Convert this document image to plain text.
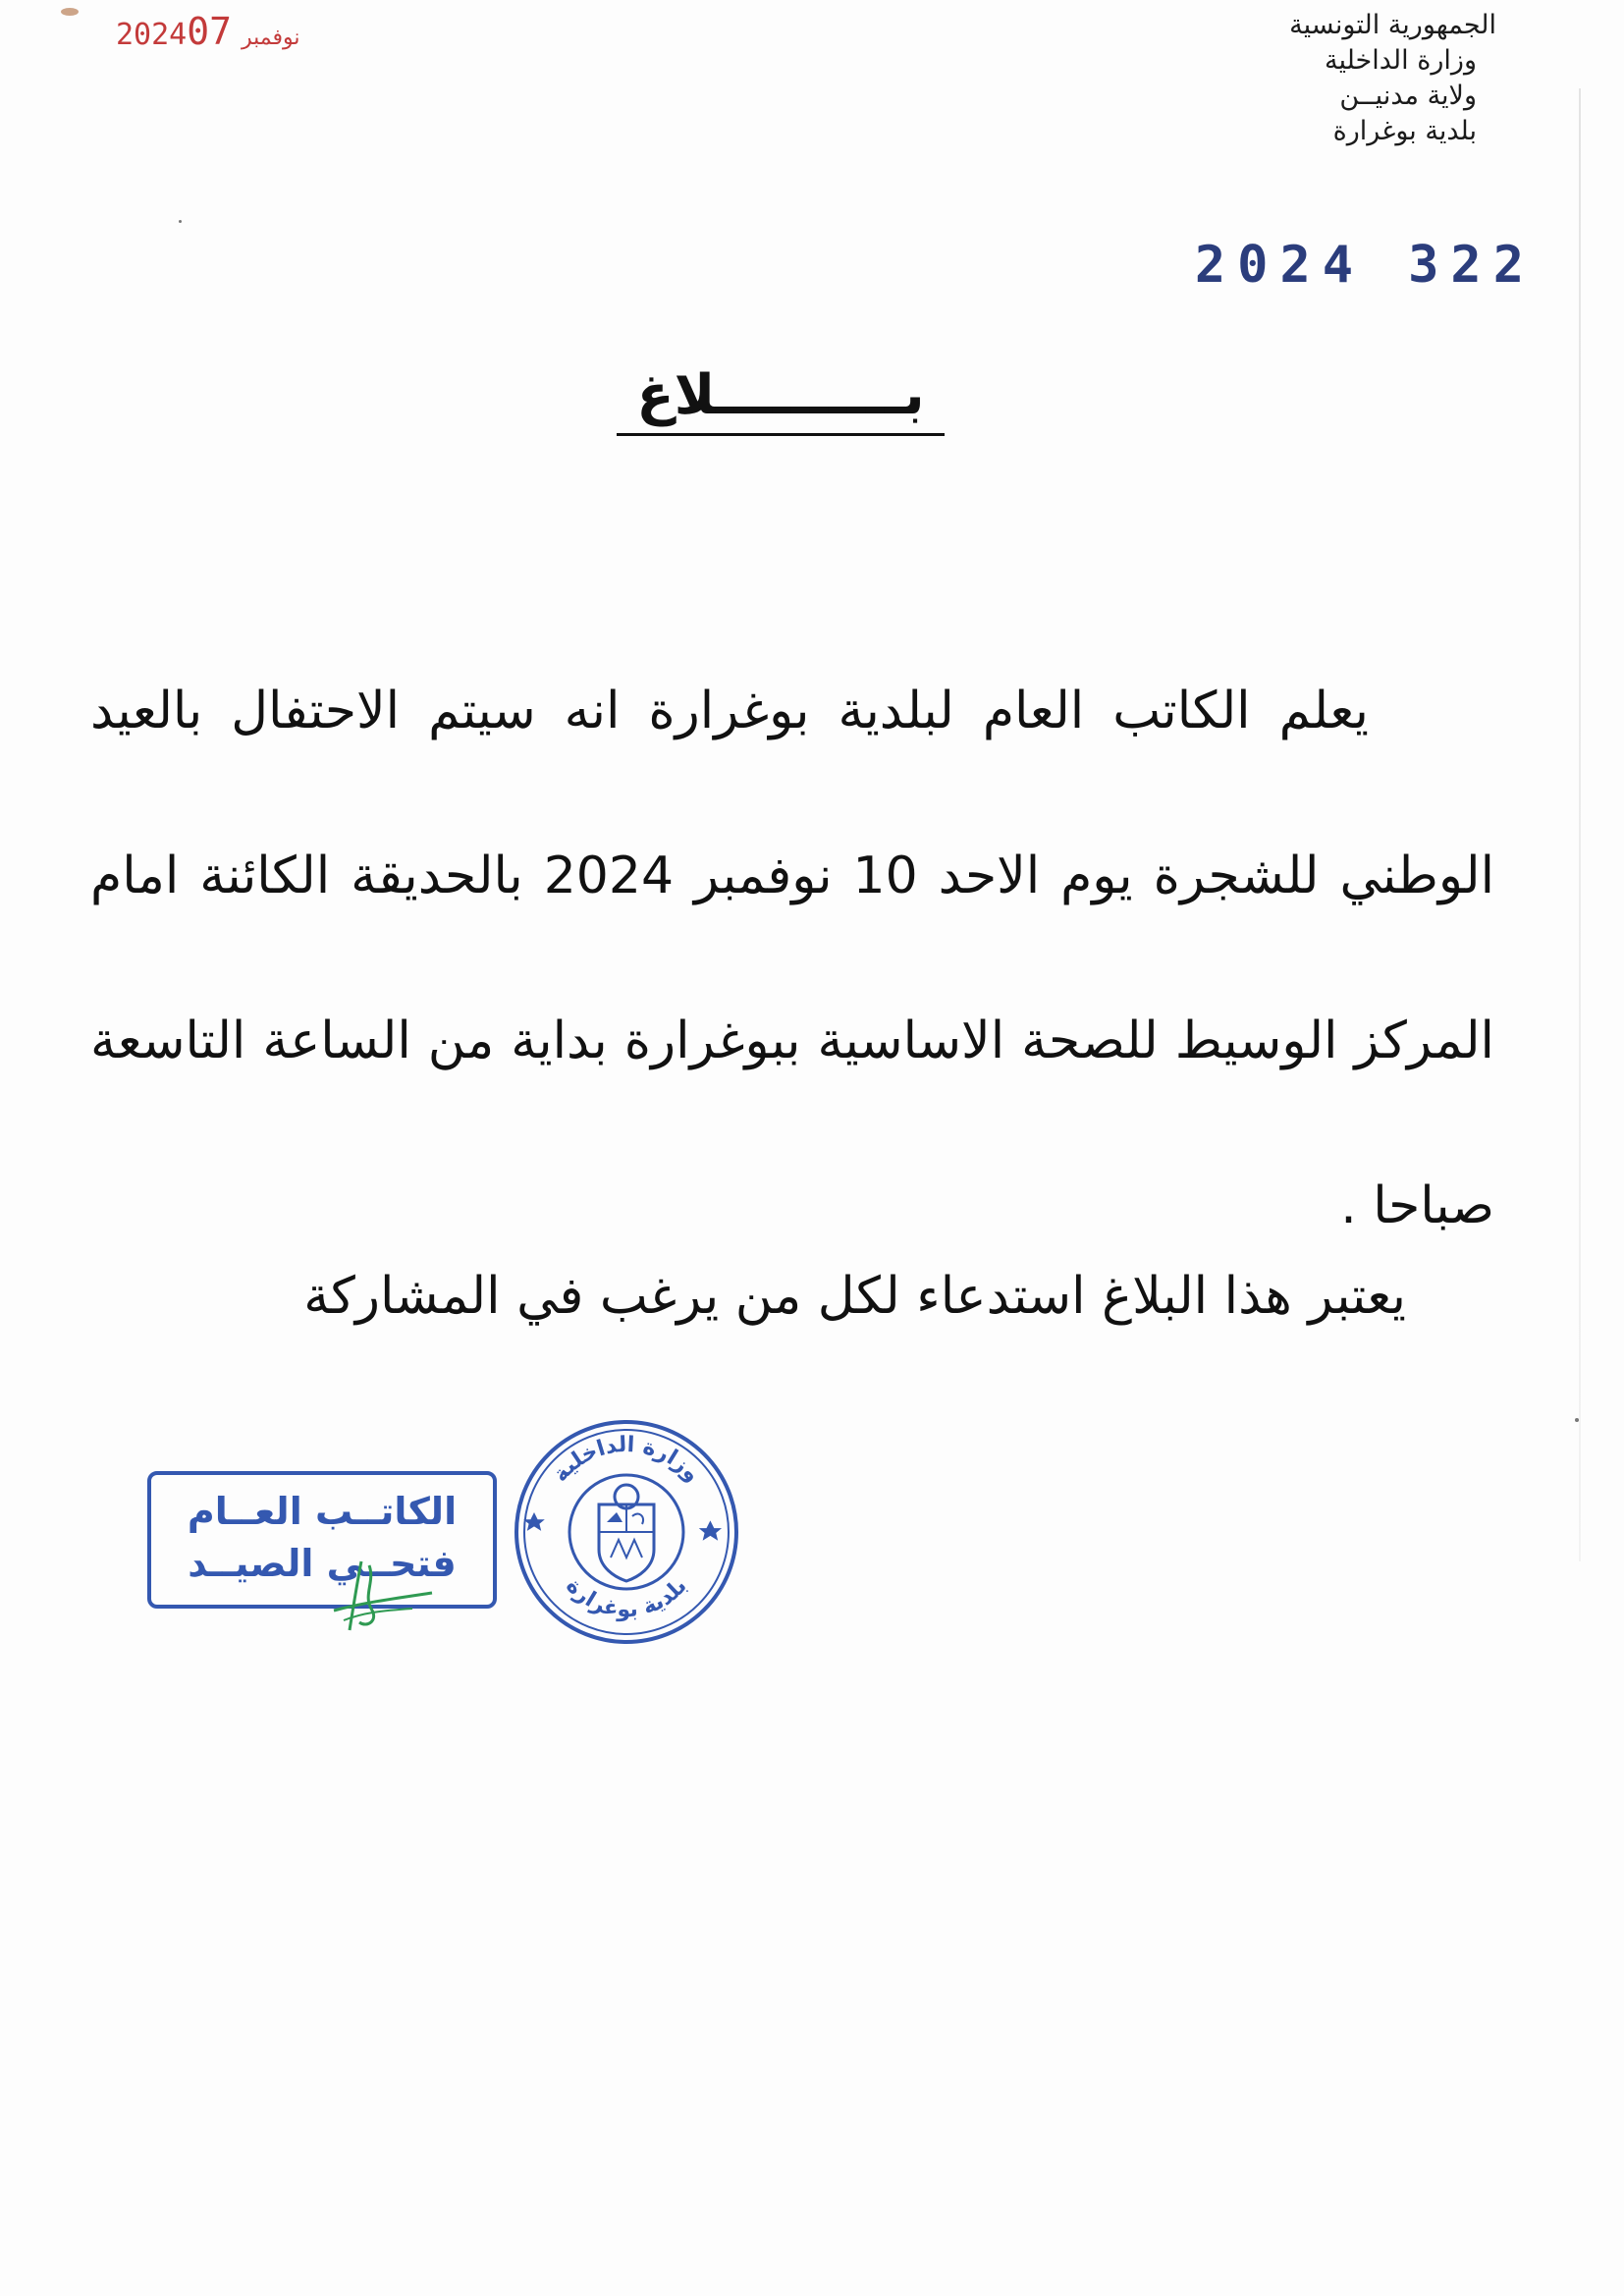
2024	نوفمبر07	الجمهورية التونسية
وزارة الداخلية
ولاية مدنيــن
بلدية بوغرارة
2024 322
بــــــــــلاغ
يعلم الكاتب العام لبلدية بوغرارة انه سيتم الاحتفال بالعيد
الوطني للشجرة يوم الاحد 10 نوفمبر 2024 بالحديقة الكائنة امام
المركز الوسيط للصحة الاساسية ببوغرارة بداية من الساعة التاسعة
صباحا .
يعتبر هذا البلاغ استدعاء لكل من يرغب في المشاركة
الكاتــب العــام
فتحــي الصيــد
وزارة الداخلية
بلدية بوغرارة
